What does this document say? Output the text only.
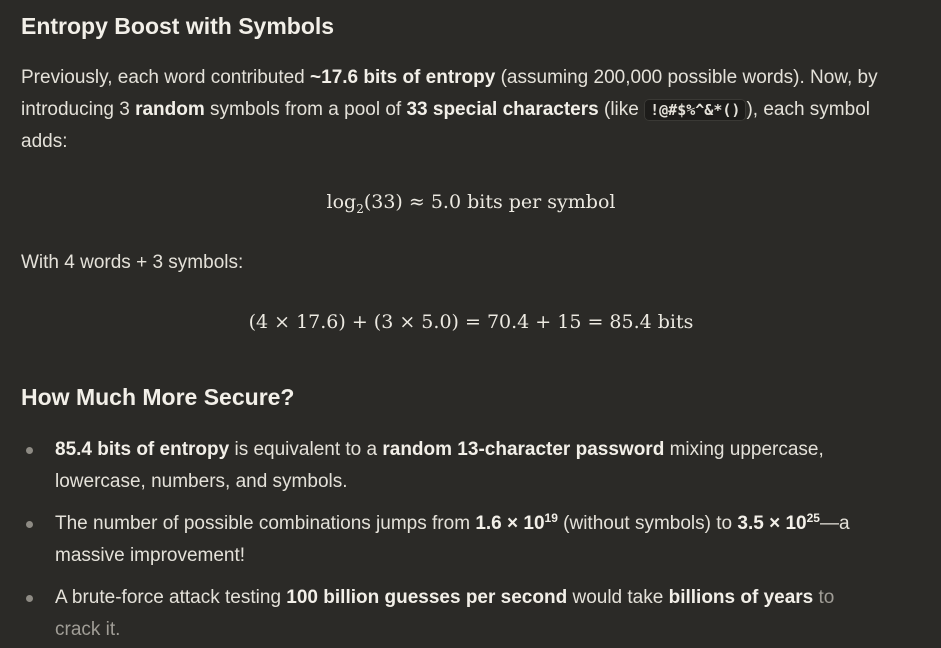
Entropy Boost with Symbols

Previously, each word contributed ~17.6 bits of entropy (assuming 200,000 possible words). Now, by introducing 3 random symbols from a pool of 33 special characters (like !@#$%^&*() ), each symbol adds:

$\log_2(33) \approx 5.0$ bits per symbol

With 4 words + 3 symbols:

(4 × 17.6) + (3 × 5.0) = 70.4 + 15 = 85.4 bits
How Much More Secure?
85.4 bits of entropy is equivalent to a random 13-character password mixing uppercase, lowercase, numbers, and symbols.
The number of possible combinations jumps from $1.6 \times 10^{19}$ (without symbols) to $3.5 \times 10^{25}—a$ massive improvement!
A brute-force attack testing 100 billion guesses per second would take billions of years to crack it.
